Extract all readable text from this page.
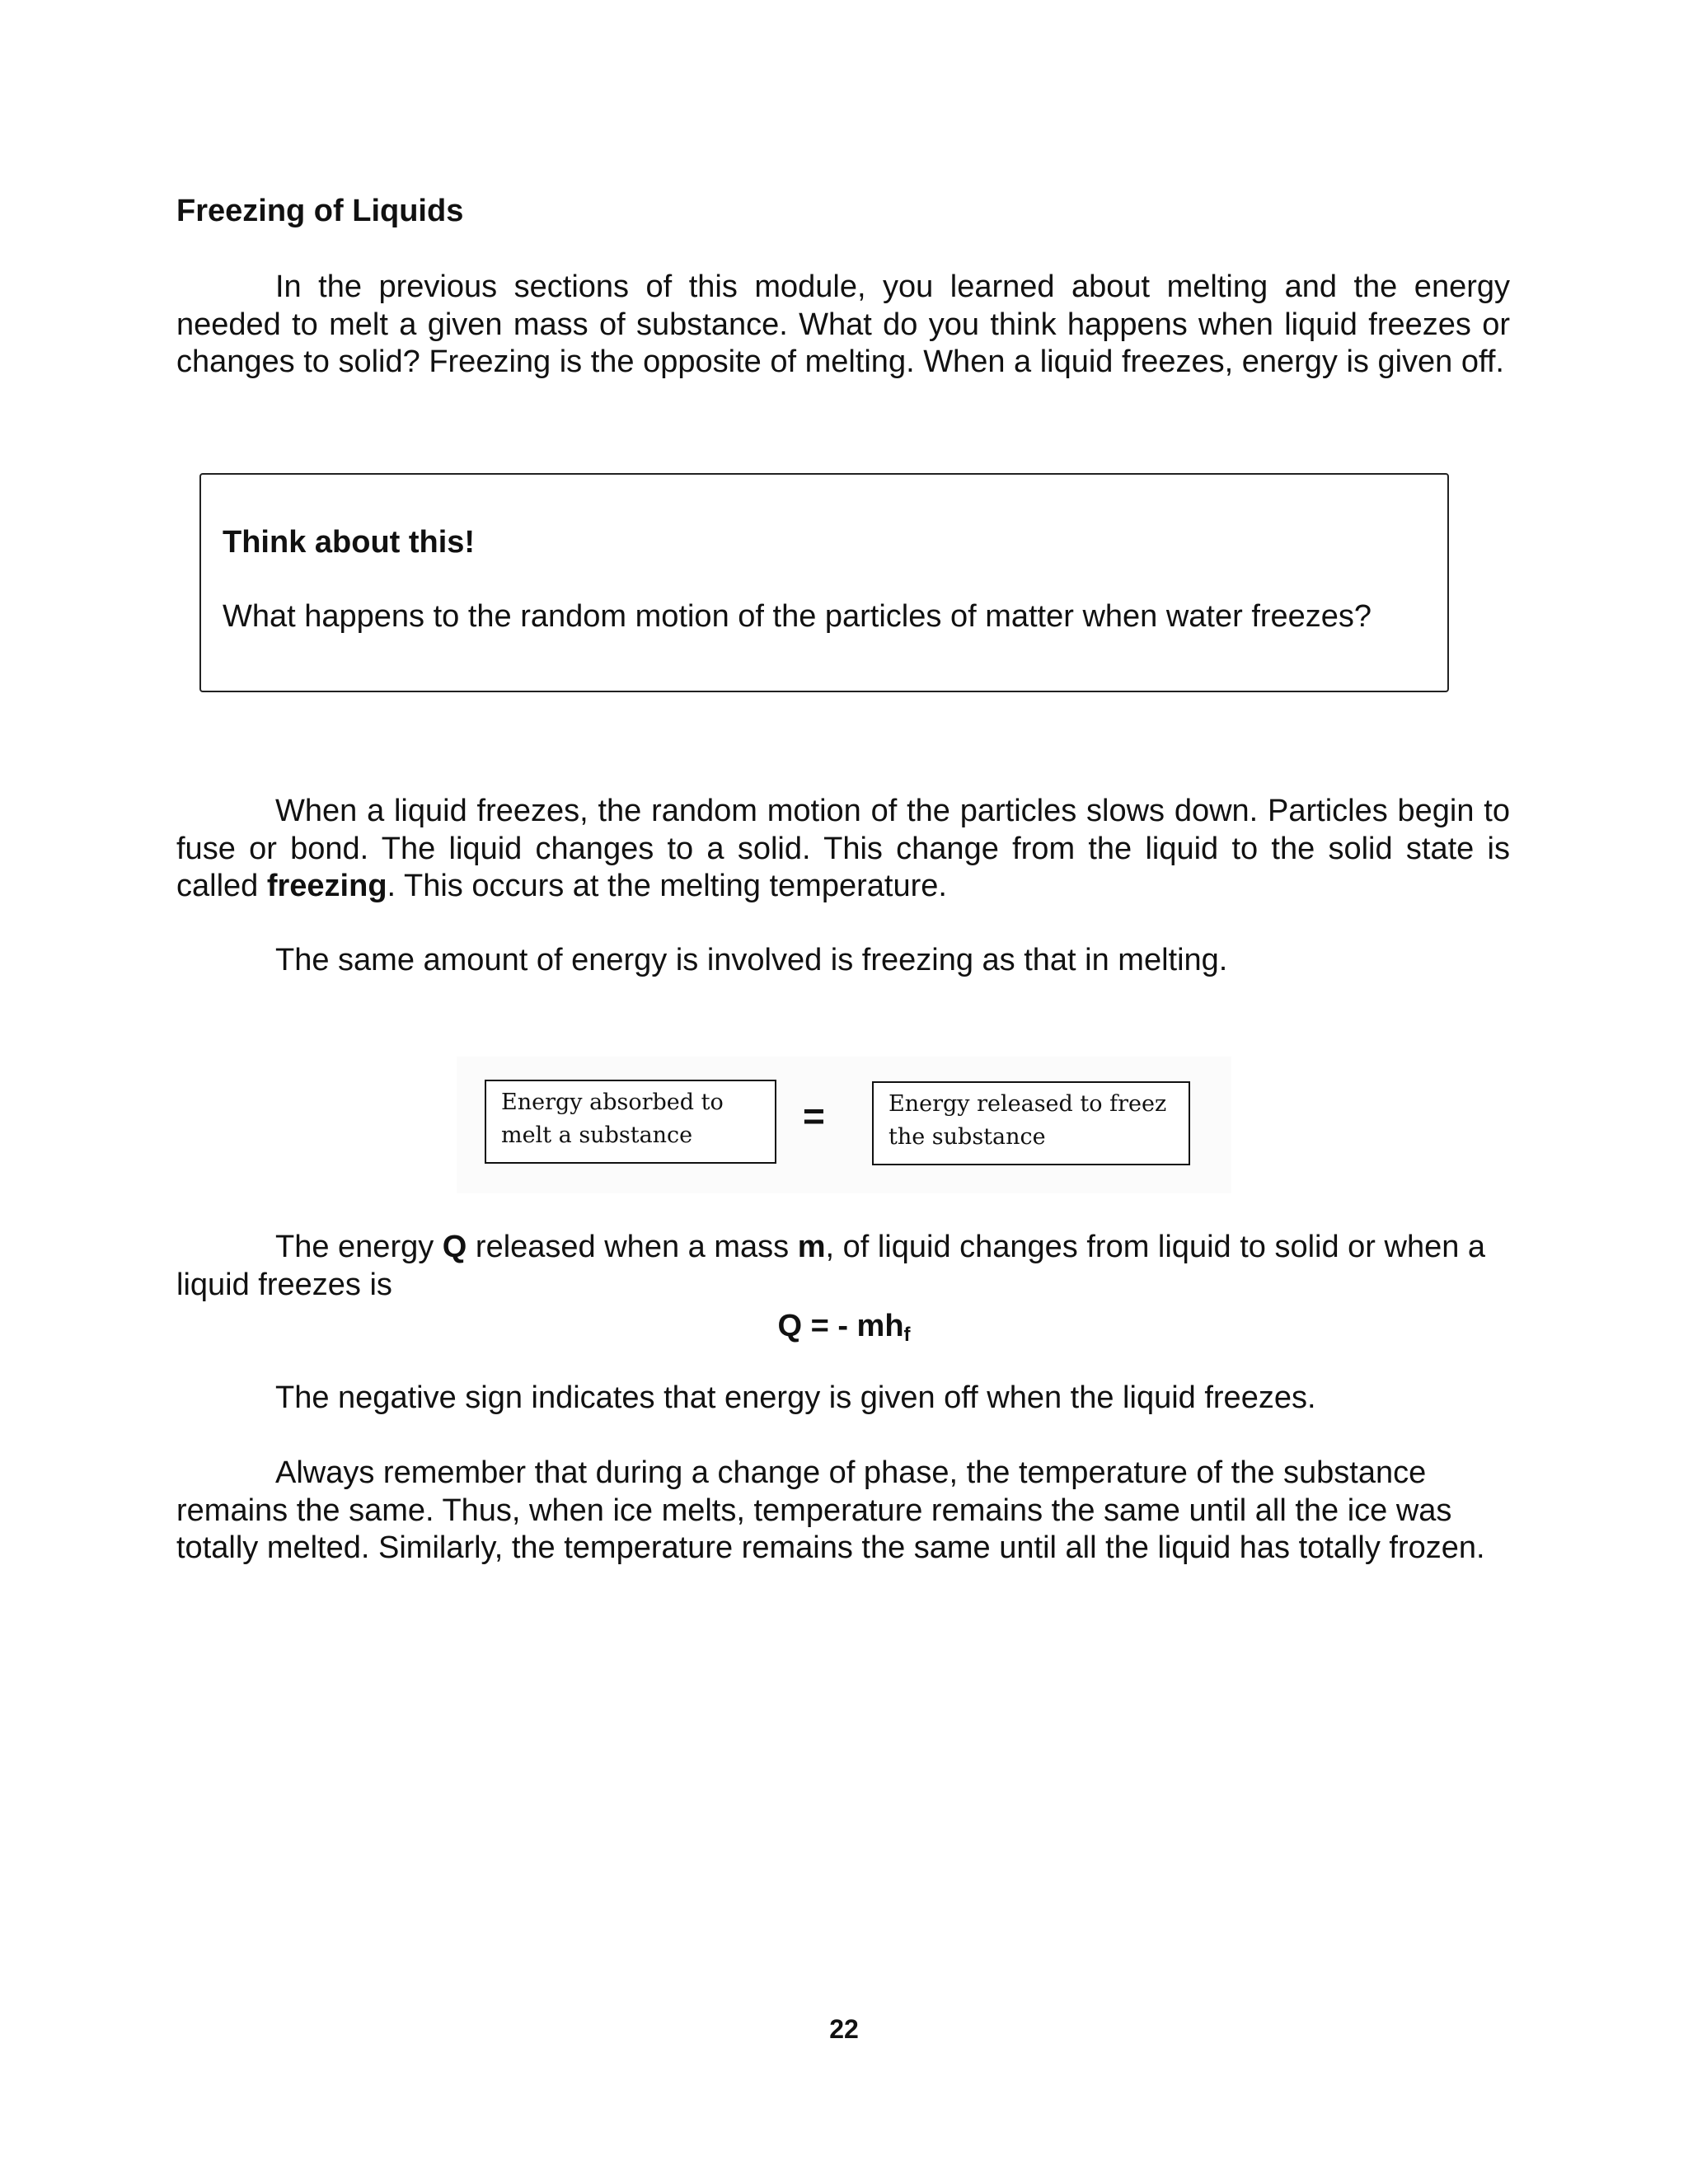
Freezing of Liquids

In the previous sections of this module, you learned about melting and the energy needed to melt a given mass of substance. What do you think happens when liquid freezes or changes to solid? Freezing is the opposite of melting. When a liquid freezes, energy is given off.

Think about this!
What happens to the random motion of the particles of matter when water freezes?

When a liquid freezes, the random motion of the particles slows down. Particles begin to fuse or bond. The liquid changes to a solid. This change from the liquid to the solid state is called freezing. This occurs at the melting temperature.

The same amount of energy is involved is freezing as that in melting.

Energy absorbed to
melt a substance	=	Energy released to freez
the substance

The energy Q released when a mass m, of liquid changes from liquid to solid or when a liquid freezes is

Q = - $mh_f$

The negative sign indicates that energy is given off when the liquid freezes.

Always remember that during a change of phase, the temperature of the substance remains the same. Thus, when ice melts, temperature remains the same until all the ice was totally melted. Similarly, the temperature remains the same until all the liquid has totally frozen.

22
